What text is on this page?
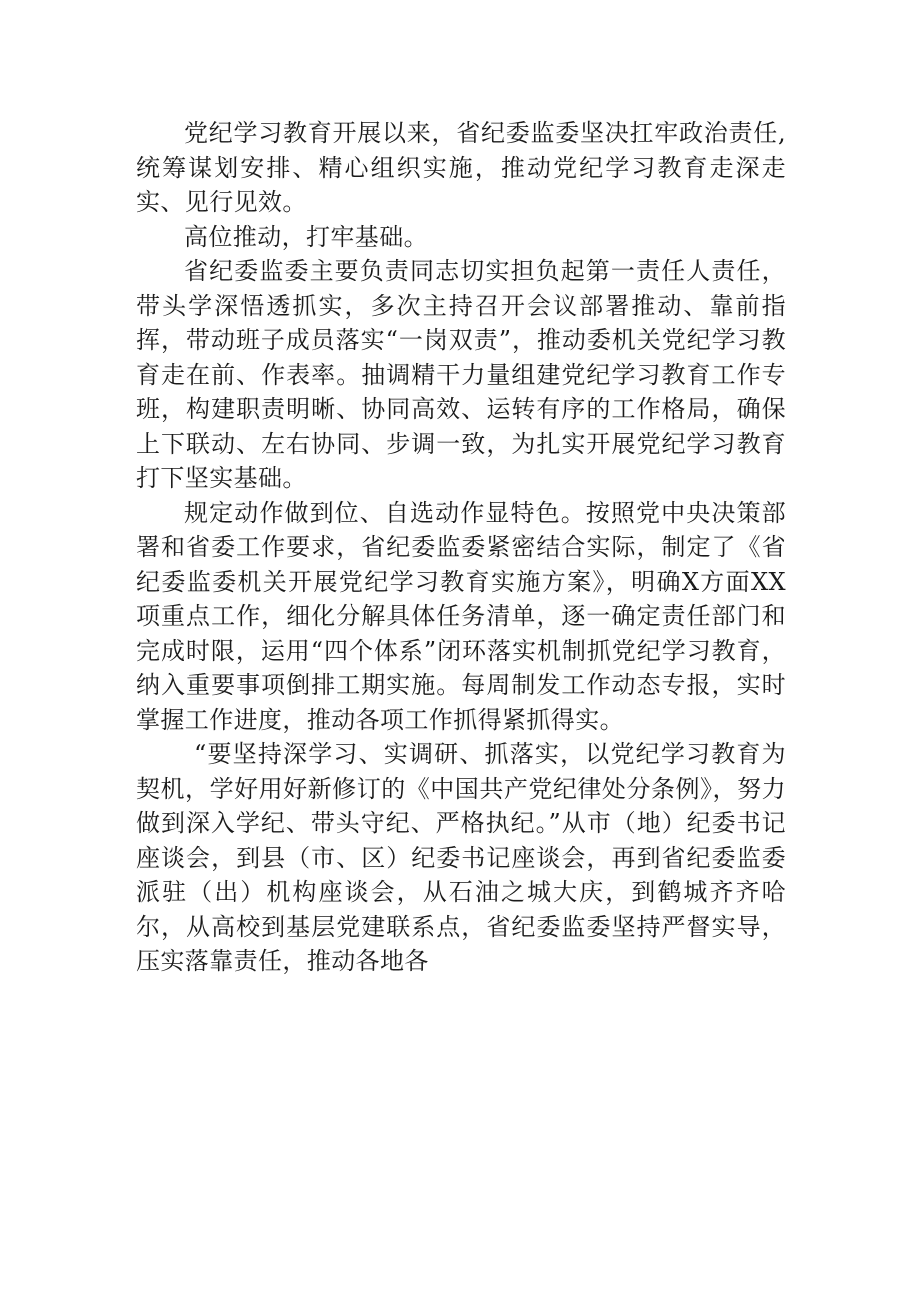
党纪学习教育开展以来，省纪委监委坚决扛牢政治责任,统筹谋划安排、精心组织实施，推动党纪学习教育走深走实、见行见效。

高位推动，打牢基础。

省纪委监委主要负责同志切实担负起第一责任人责任，带头学深悟透抓实，多次主持召开会议部署推动、靠前指挥，带动班子成员落实“一岗双责”，推动委机关党纪学习教育走在前、作表率。抽调精干力量组建党纪学习教育工作专班，构建职责明晰、协同高效、运转有序的工作格局，确保上下联动、左右协同、步调一致，为扎实开展党纪学习教育打下坚实基础。

规定动作做到位、自选动作显特色。按照党中央决策部署和省委工作要求，省纪委监委紧密结合实际，制定了《省纪委监委机关开展党纪学习教育实施方案》，明确X方面XX项重点工作，细化分解具体任务清单，逐一确定责任部门和完成时限，运用“四个体系”闭环落实机制抓党纪学习教育，纳入重要事项倒排工期实施。每周制发工作动态专报，实时掌握工作进度，推动各项工作抓得紧抓得实。

“要坚持深学习、实调研、抓落实，以党纪学习教育为契机，学好用好新修订的《中国共产党纪律处分条例》，努力做到深入学纪、带头守纪、严格执纪。”从市（地）纪委书记座谈会，到县（市、区）纪委书记座谈会，再到省纪委监委派驻（出）机构座谈会，从石油之城大庆，到鹤城齐齐哈尔，从高校到基层党建联系点，省纪委监委坚持严督实导，压实落靠责任，推动各地各
